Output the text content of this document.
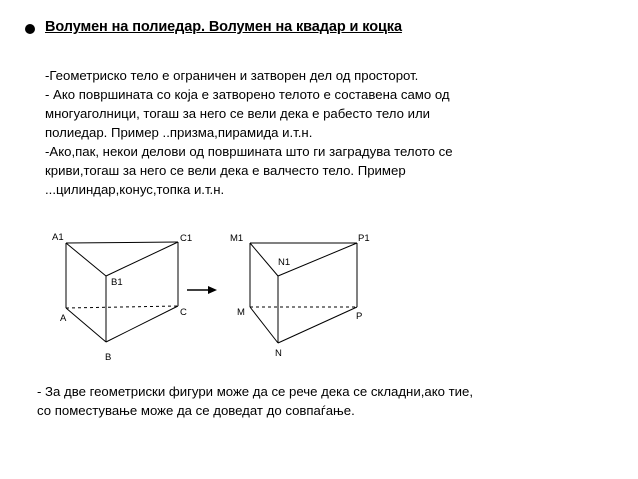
Волумен на полиедар. Волумен на квадар и коцка
-Геометриско тело е ограничен и затворен дел од просторот.
- Ако површината со која е затворено телото е составена само од
многуаголници, тогаш за него се вели дека е рабесто тело или
полиедар. Пример ..призма,пирамида и.т.н.
-Ако,пак, некои делови од површината што ги заградува телото се
криви,тогаш за него се вели дека е валчесто тело. Пример
...цилиндар,конус,топка и.т.н.
A1	C1
B1
A
C
B
M1	P1
N1
M	P
N
- За две геометриски фигури може да се рече дека се складни,ако тие,
со поместување може да се доведат до совпаѓање.
